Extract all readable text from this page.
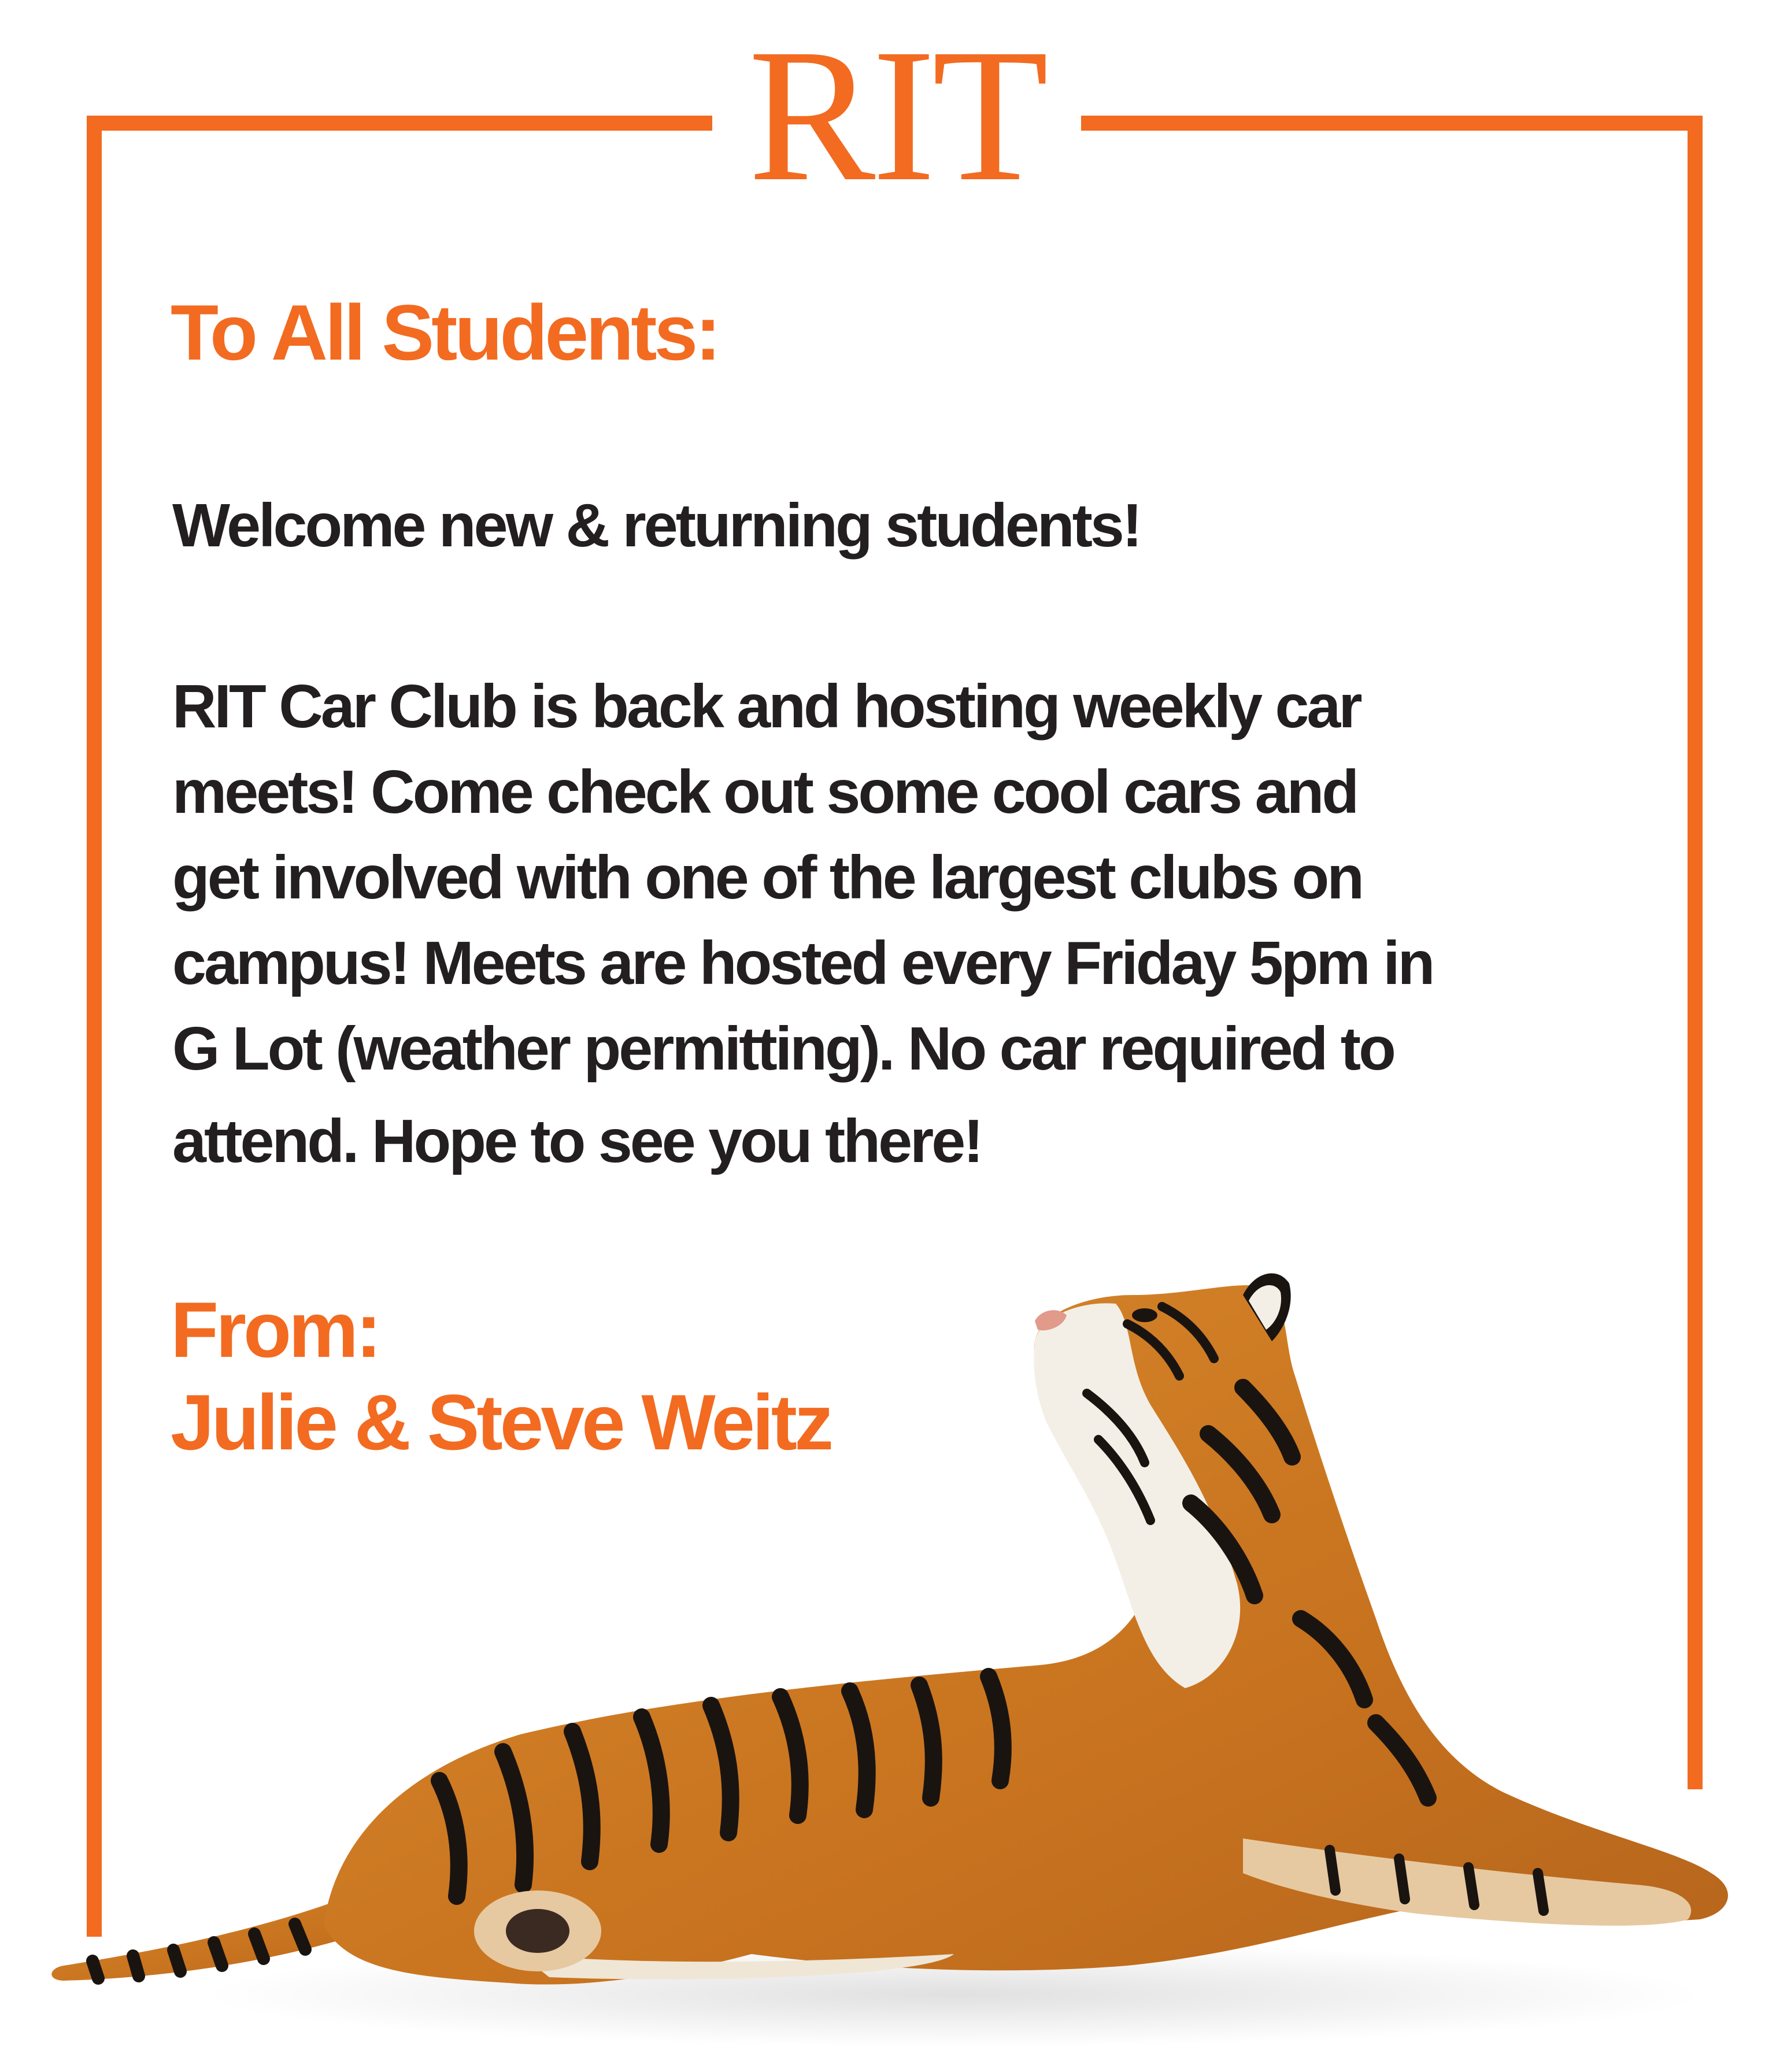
RIT
To All Students:

Welcome new & returning students!

RIT Car Club is back and hosting weekly car

meets! Come check out some cool cars and

get involved with one of the largest clubs on

campus! Meets are hosted every Friday 5pm in

G Lot (weather permitting). No car required to

attend. Hope to see you there!

From:

Julie & Steve Weitz
